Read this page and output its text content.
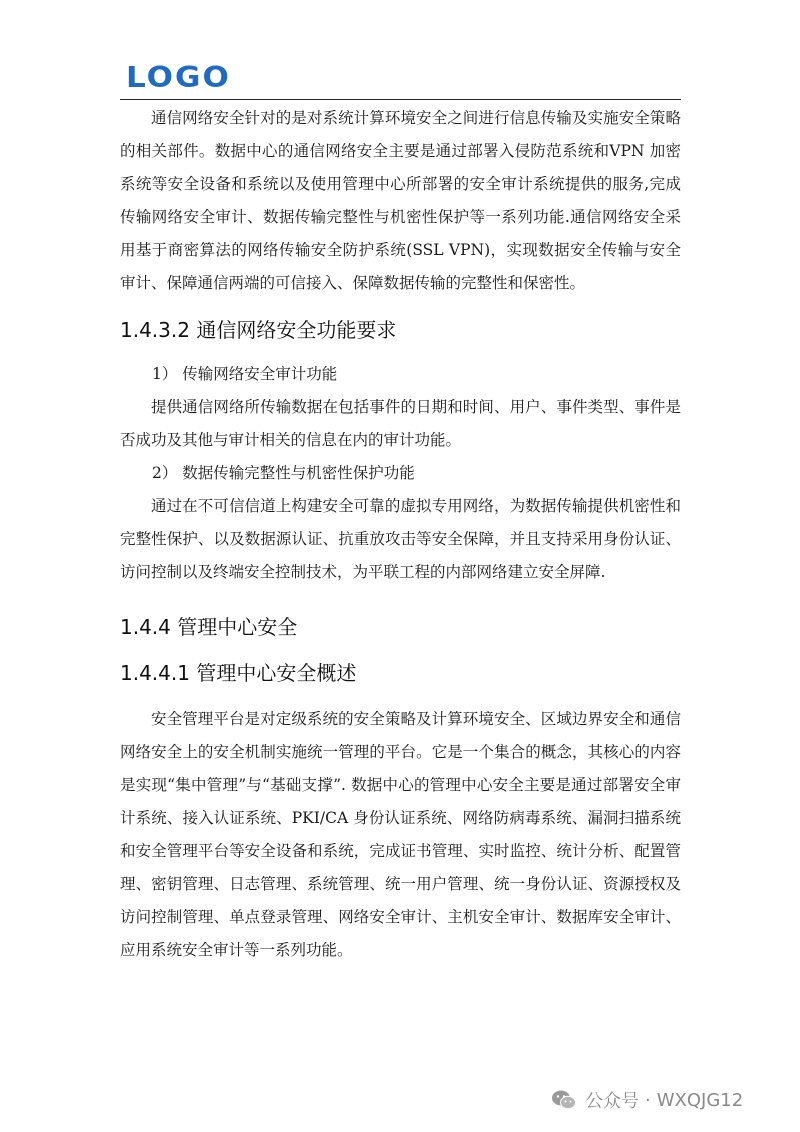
LOGO

通信网络安全针对的是对系统计算环境安全之间进行信息传输及实施安全策略的相关部件。数据中心的通信网络安全主要是通过部署入侵防范系统和VPN 加密系统等安全设备和系统以及使用管理中心所部署的安全审计系统提供的服务,完成传输网络安全审计、数据传输完整性与机密性保护等一系列功能.通信网络安全采用基于商密算法的网络传输安全防护系统(SSL VPN)，实现数据安全传输与安全审计、保障通信两端的可信接入、保障数据传输的完整性和保密性。

1.4.3.2 通信网络安全功能要求

1） 传输网络安全审计功能

提供通信网络所传输数据在包括事件的日期和时间、用户、事件类型、事件是否成功及其他与审计相关的信息在内的审计功能。

2） 数据传输完整性与机密性保护功能

通过在不可信信道上构建安全可靠的虚拟专用网络，为数据传输提供机密性和完整性保护、以及数据源认证、抗重放攻击等安全保障，并且支持采用身份认证、访问控制以及终端安全控制技术，为平联工程的内部网络建立安全屏障.

1.4.4 管理中心安全
1.4.4.1 管理中心安全概述

安全管理平台是对定级系统的安全策略及计算环境安全、区域边界安全和通信网络安全上的安全机制实施统一管理的平台。它是一个集合的概念，其核心的内容是实现“集中管理”与“基础支撑”. 数据中心的管理中心安全主要是通过部署安全审计系统、接入认证系统、PKI/CA 身份认证系统、网络防病毒系统、漏洞扫描系统和安全管理平台等安全设备和系统，完成证书管理、实时监控、统计分析、配置管理、密钥管理、日志管理、系统管理、统一用户管理、统一身份认证、资源授权及访问控制管理、单点登录管理、网络安全审计、主机安全审计、数据库安全审计、应用系统安全审计等一系列功能。

公众号 · WXQJG12
